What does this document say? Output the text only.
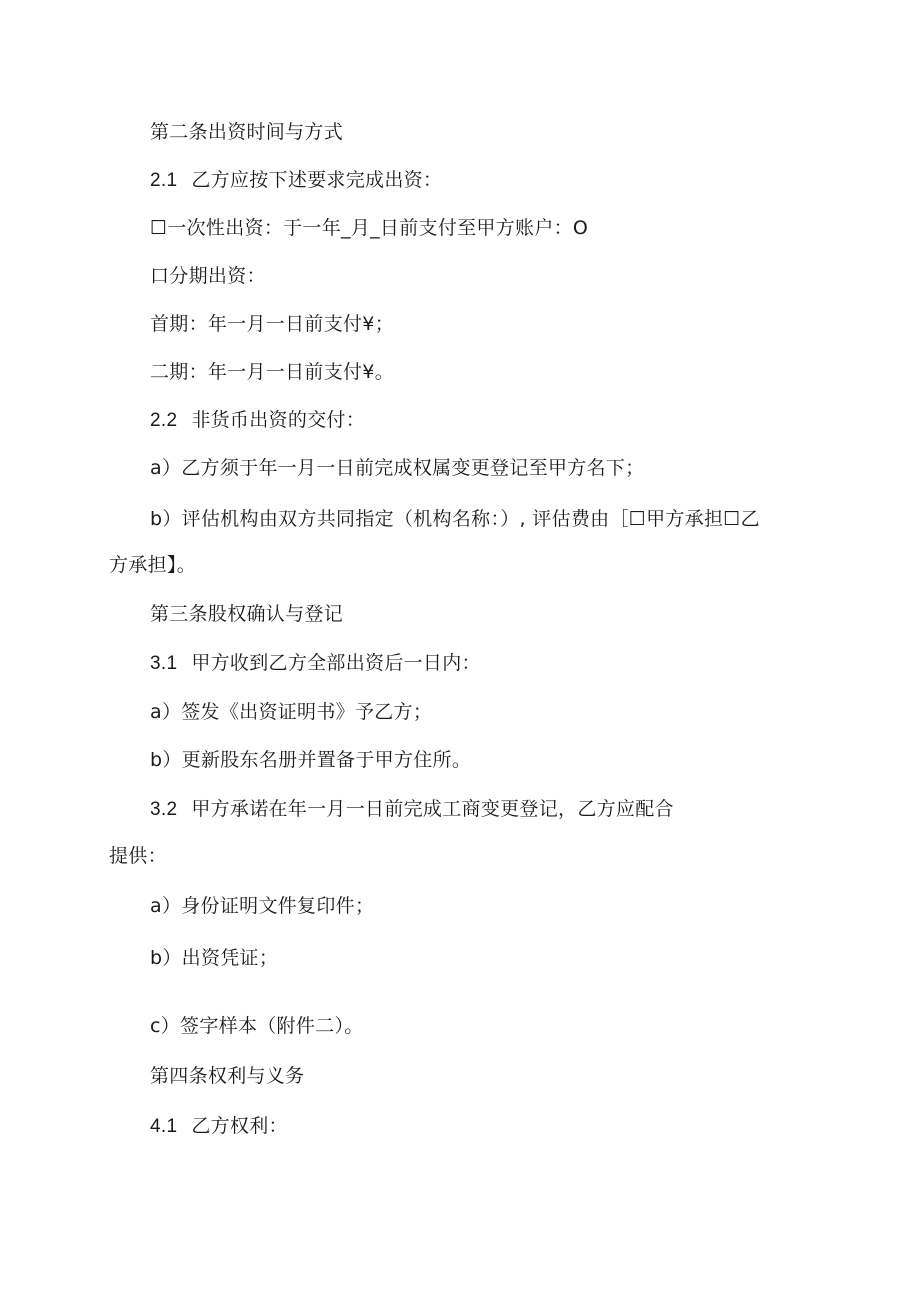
第二条出资时间与方式

2.1 乙方应按下述要求完成出资：

☐一次性出资：于一年_月_日前支付至甲方账户：O

口分期出资：

首期：年一月一日前支付¥；

二期：年一月一日前支付¥。

2.2 非货币出资的交付：

a）乙方须于年一月一日前完成权属变更登记至甲方名下；

b）评估机构由双方共同指定（机构名称：）, 评估费由［☐甲方承担☐乙

方承担】。

第三条股权确认与登记

3.1 甲方收到乙方全部出资后一日内：

a）签发《出资证明书》予乙方；

b）更新股东名册并置备于甲方住所。

3.2 甲方承诺在年一月一日前完成工商变更登记，乙方应配合

提供：

a）身份证明文件复印件；

b）出资凭证；

c）签字样本（附件二）。

第四条权利与义务

4.1 乙方权利：
